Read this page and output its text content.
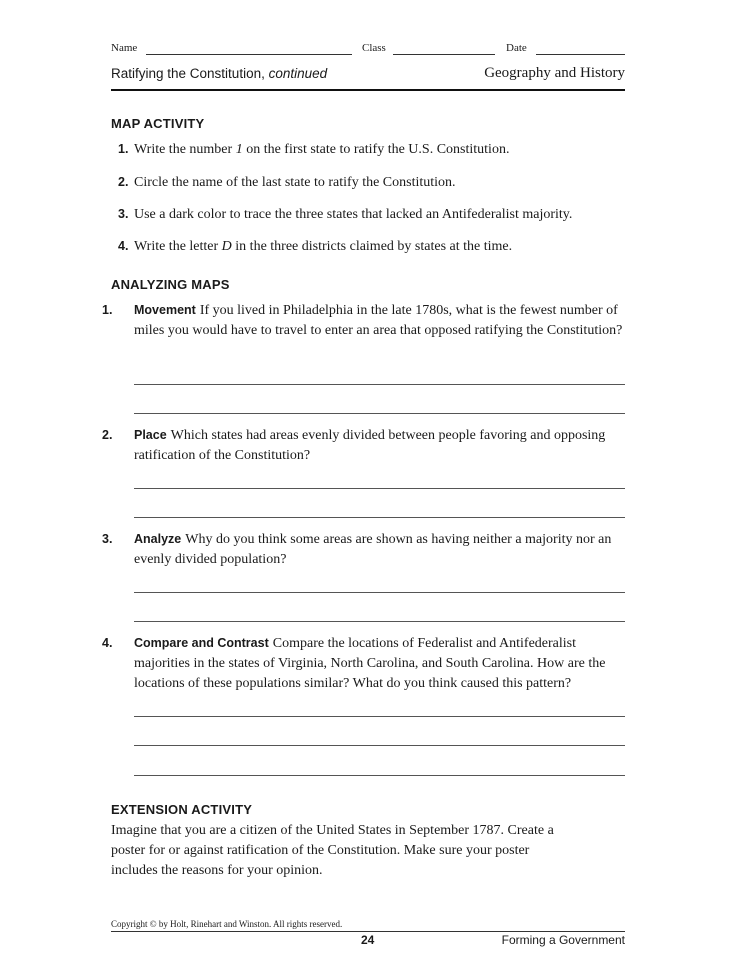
Name	Class	Date
Ratifying the Constitution, continued	Geography and History
MAP ACTIVITY
1. Write the number 1 on the first state to ratify the U.S. Constitution.
2. Circle the name of the last state to ratify the Constitution.
3. Use a dark color to trace the three states that lacked an Antifederalist majority.
4. Write the letter D in the three districts claimed by states at the time.
ANALYZING MAPS
1. Movement If you lived in Philadelphia in the late 1780s, what is the fewest number of miles you would have to travel to enter an area that opposed ratifying the Constitution?
2. Place Which states had areas evenly divided between people favoring and opposing ratification of the Constitution?
3. Analyze Why do you think some areas are shown as having neither a majority nor an evenly divided population?
4. Compare and Contrast Compare the locations of Federalist and Antifederalist majorities in the states of Virginia, North Carolina, and South Carolina. How are the locations of these populations similar? What do you think caused this pattern?
EXTENSION ACTIVITY
Imagine that you are a citizen of the United States in September 1787. Create a poster for or against ratification of the Constitution. Make sure your poster includes the reasons for your opinion.
Copyright © by Holt, Rinehart and Winston. All rights reserved.
24	Forming a Government
